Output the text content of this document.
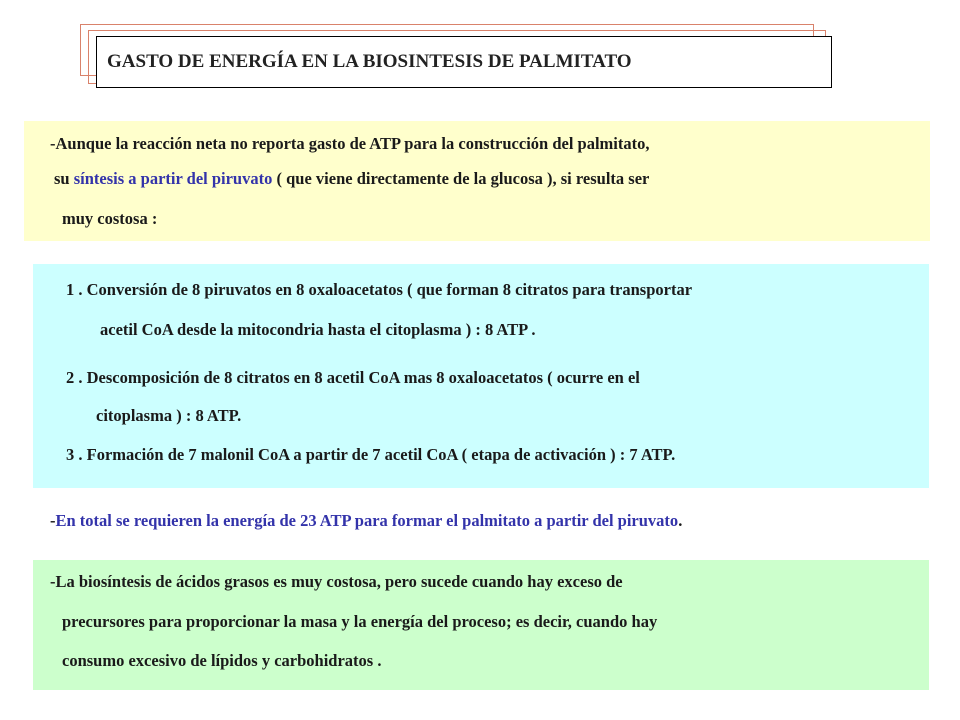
GASTO DE ENERGÍA EN LA BIOSINTESIS DE PALMITATO
-Aunque la reacción neta no reporta gasto de ATP para la construcción del palmitato,
su síntesis a partir del piruvato ( que viene directamente de la glucosa ), si resulta ser
muy costosa :
1 . Conversión de 8 piruvatos en 8 oxaloacetatos ( que forman 8 citratos para transportar
acetil CoA desde la mitocondria hasta el citoplasma ) : 8 ATP .
2 . Descomposición de 8 citratos en 8 acetil CoA mas 8 oxaloacetatos ( ocurre en el
citoplasma ) : 8 ATP.
3 . Formación de 7 malonil CoA a partir de 7 acetil CoA ( etapa de activación ) : 7 ATP.
-En total se requieren la energía de 23 ATP para formar el palmitato a partir del piruvato.
-La biosíntesis de ácidos grasos es muy costosa, pero sucede cuando hay exceso de
precursores para proporcionar la masa y la energía del proceso; es decir, cuando hay
consumo excesivo de lípidos y carbohidratos .
